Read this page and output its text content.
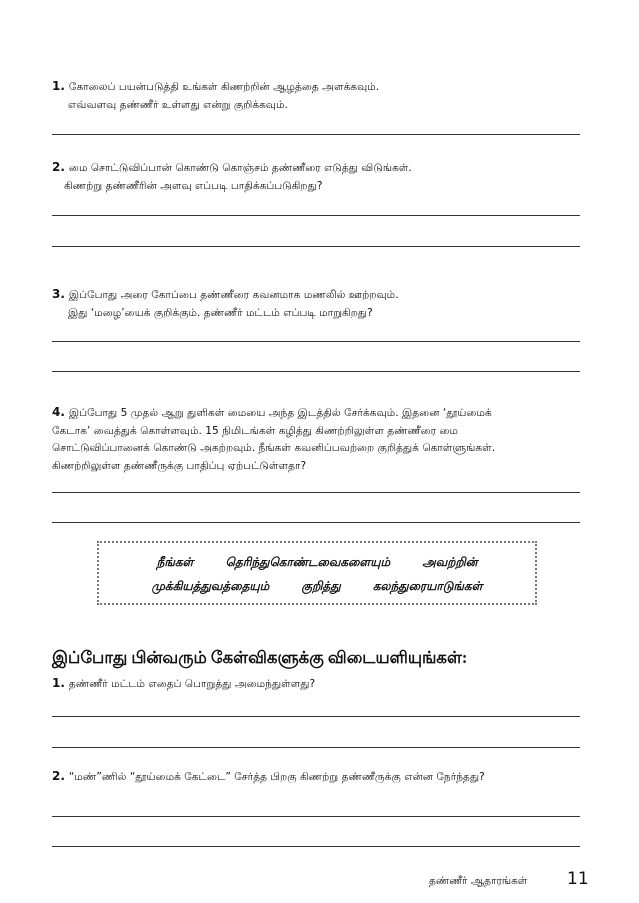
1. கோலைப் பயன்படுத்தி உங்கள் கிணற்றின் ஆழத்தை அளக்கவும்.
எவ்வளவு தண்ணீர் உள்ளது என்று குறிக்கவும்.
2. மை சொட்டுவிப்பான் கொண்டு கொஞ்சம் தண்ணீரை எடுத்து விடுங்கள்.
கிணற்று தண்ணீரின் அளவு எப்படி பாதிக்கப்படுகிறது?
3. இப்போது அரை கோப்பை தண்ணீரை கவனமாக மணலில் ஊற்றவும்.
இது ‘மழை’யைக் குறிக்கும். தண்ணீர் மட்டம் எப்படி மாறுகிறது?
4. இப்போது 5 முதல் ஆறு துளிகள் மையை அந்த இடத்தில் சேர்க்கவும். இதனை ‘தூய்மைக்
கேடாக’ வைத்துக் கொள்ளவும். 15 நிமிடங்கள் கழித்து கிணற்றிலுள்ள தண்ணீரை மை
சொட்டுவிப்பானைக் கொண்டு அகற்றவும். நீங்கள் கவனிப்பவற்றை குறித்துக் கொள்ளுங்கள்.
கிணற்றிலுள்ள தண்ணீருக்கு பாதிப்பு ஏற்பட்டுள்ளதா?
நீங்கள் தெரிந்துகொண்டவைகளையும் அவற்றின்
முக்கியத்துவத்தையும் குறித்து கலந்துரையாடுங்கள்
இப்போது பின்வரும் கேள்விகளுக்கு விடையளியுங்கள்:
1. தண்ணீர் மட்டம் எதைப் பொறுத்து அமைந்துள்ளது?
2. “மண்”ணில் “தூய்மைக் கேட்டை” சேர்த்த பிறகு கிணற்று தண்ணீருக்கு என்ன நேர்ந்தது?
தண்ணீர் ஆதாரங்கள் 11
